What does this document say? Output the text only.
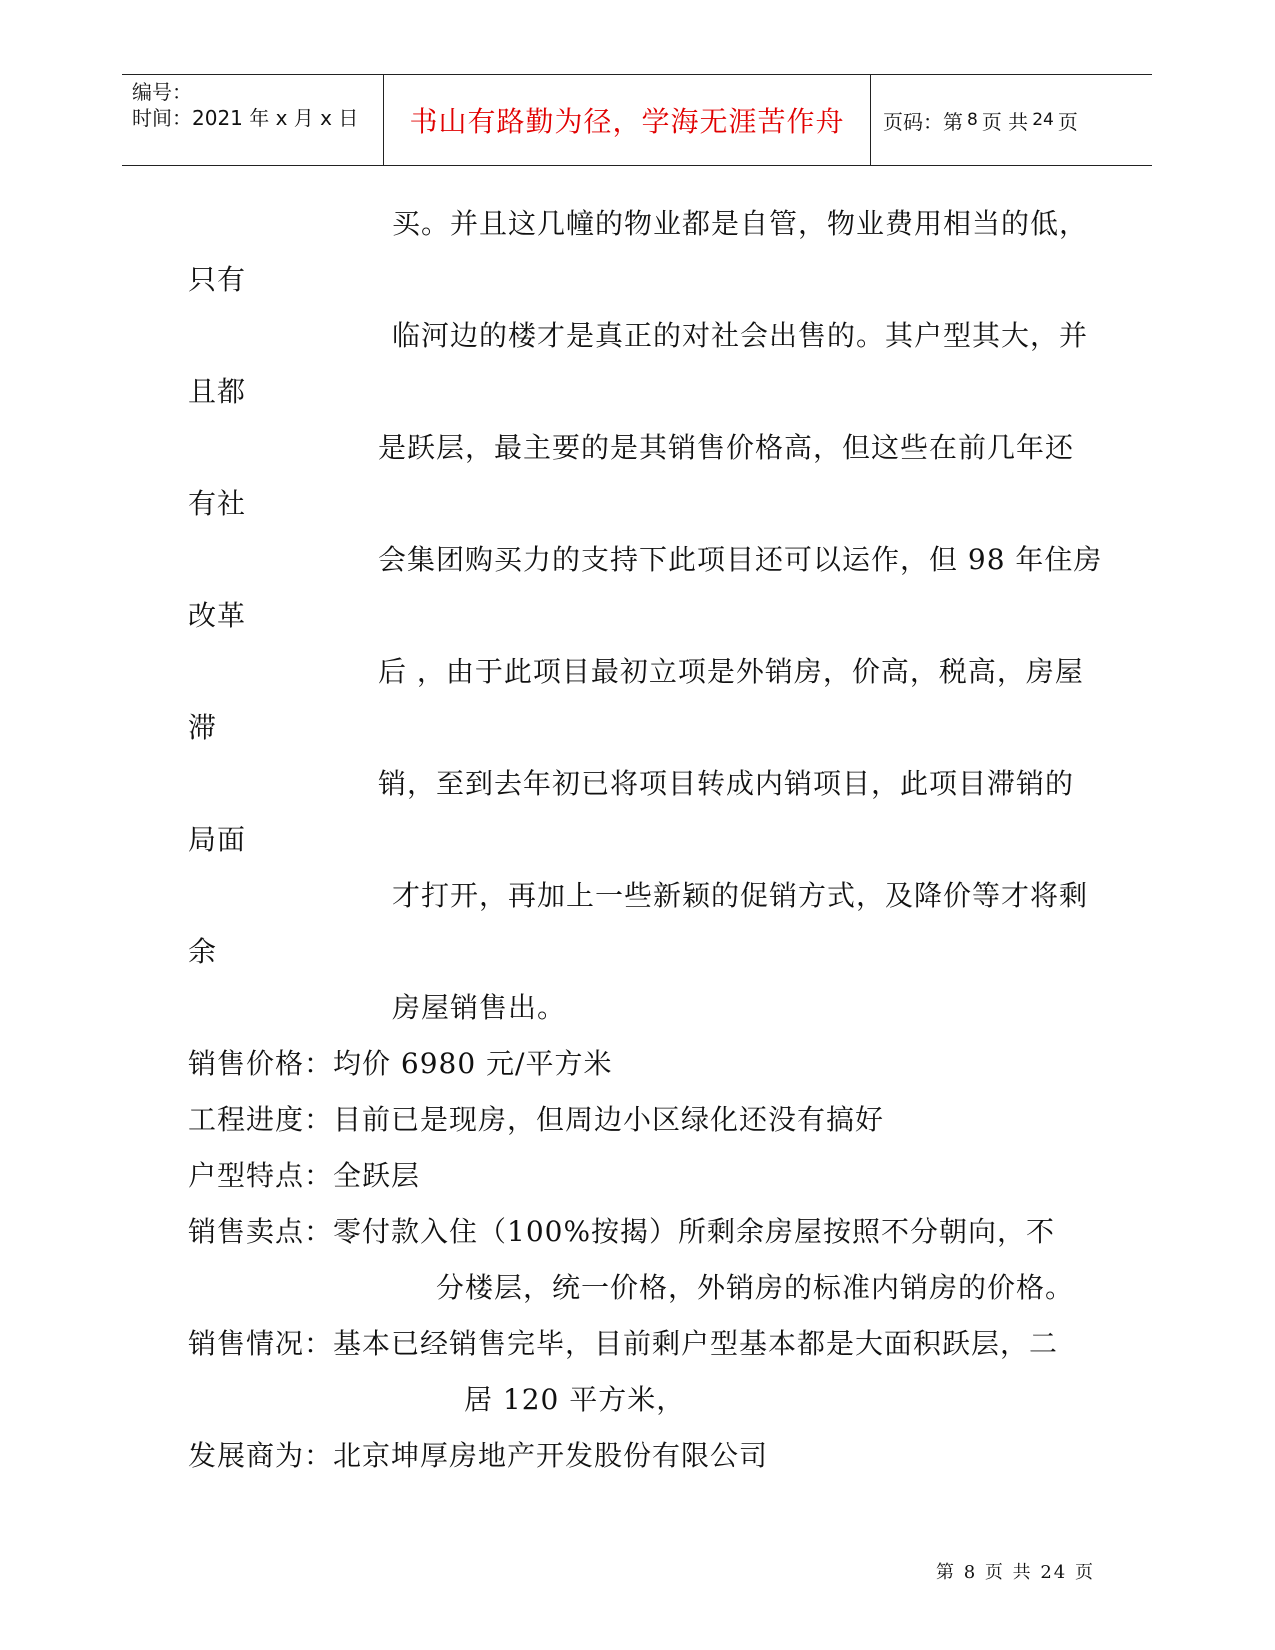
编号：
时间：2021 年 x 月 x 日	书山有路勤为径，学海无涯苦作舟	页码：第 8 页 共 24 页
买。并且这几幢的物业都是自管，物业费用相当的低，
只有
临河边的楼才是真正的对社会出售的。其户型其大，并
且都
是跃层，最主要的是其销售价格高，但这些在前几年还
有社
会集团购买力的支持下此项目还可以运作，但 98 年住房
改革
后 ，由于此项目最初立项是外销房，价高，税高，房屋
滞
销，至到去年初已将项目转成内销项目，此项目滞销的
局面
才打开，再加上一些新颖的促销方式，及降价等才将剩
余
房屋销售出。
销售价格：均价 6980 元/平方米
工程进度：目前已是现房，但周边小区绿化还没有搞好
户型特点：全跃层
销售卖点：零付款入住（100%按揭）所剩余房屋按照不分朝向，不
分楼层，统一价格，外销房的标准内销房的价格。
销售情况：基本已经销售完毕，目前剩户型基本都是大面积跃层，二
居 120 平方米，
发展商为：北京坤厚房地产开发股份有限公司
第 8 页 共 24 页
